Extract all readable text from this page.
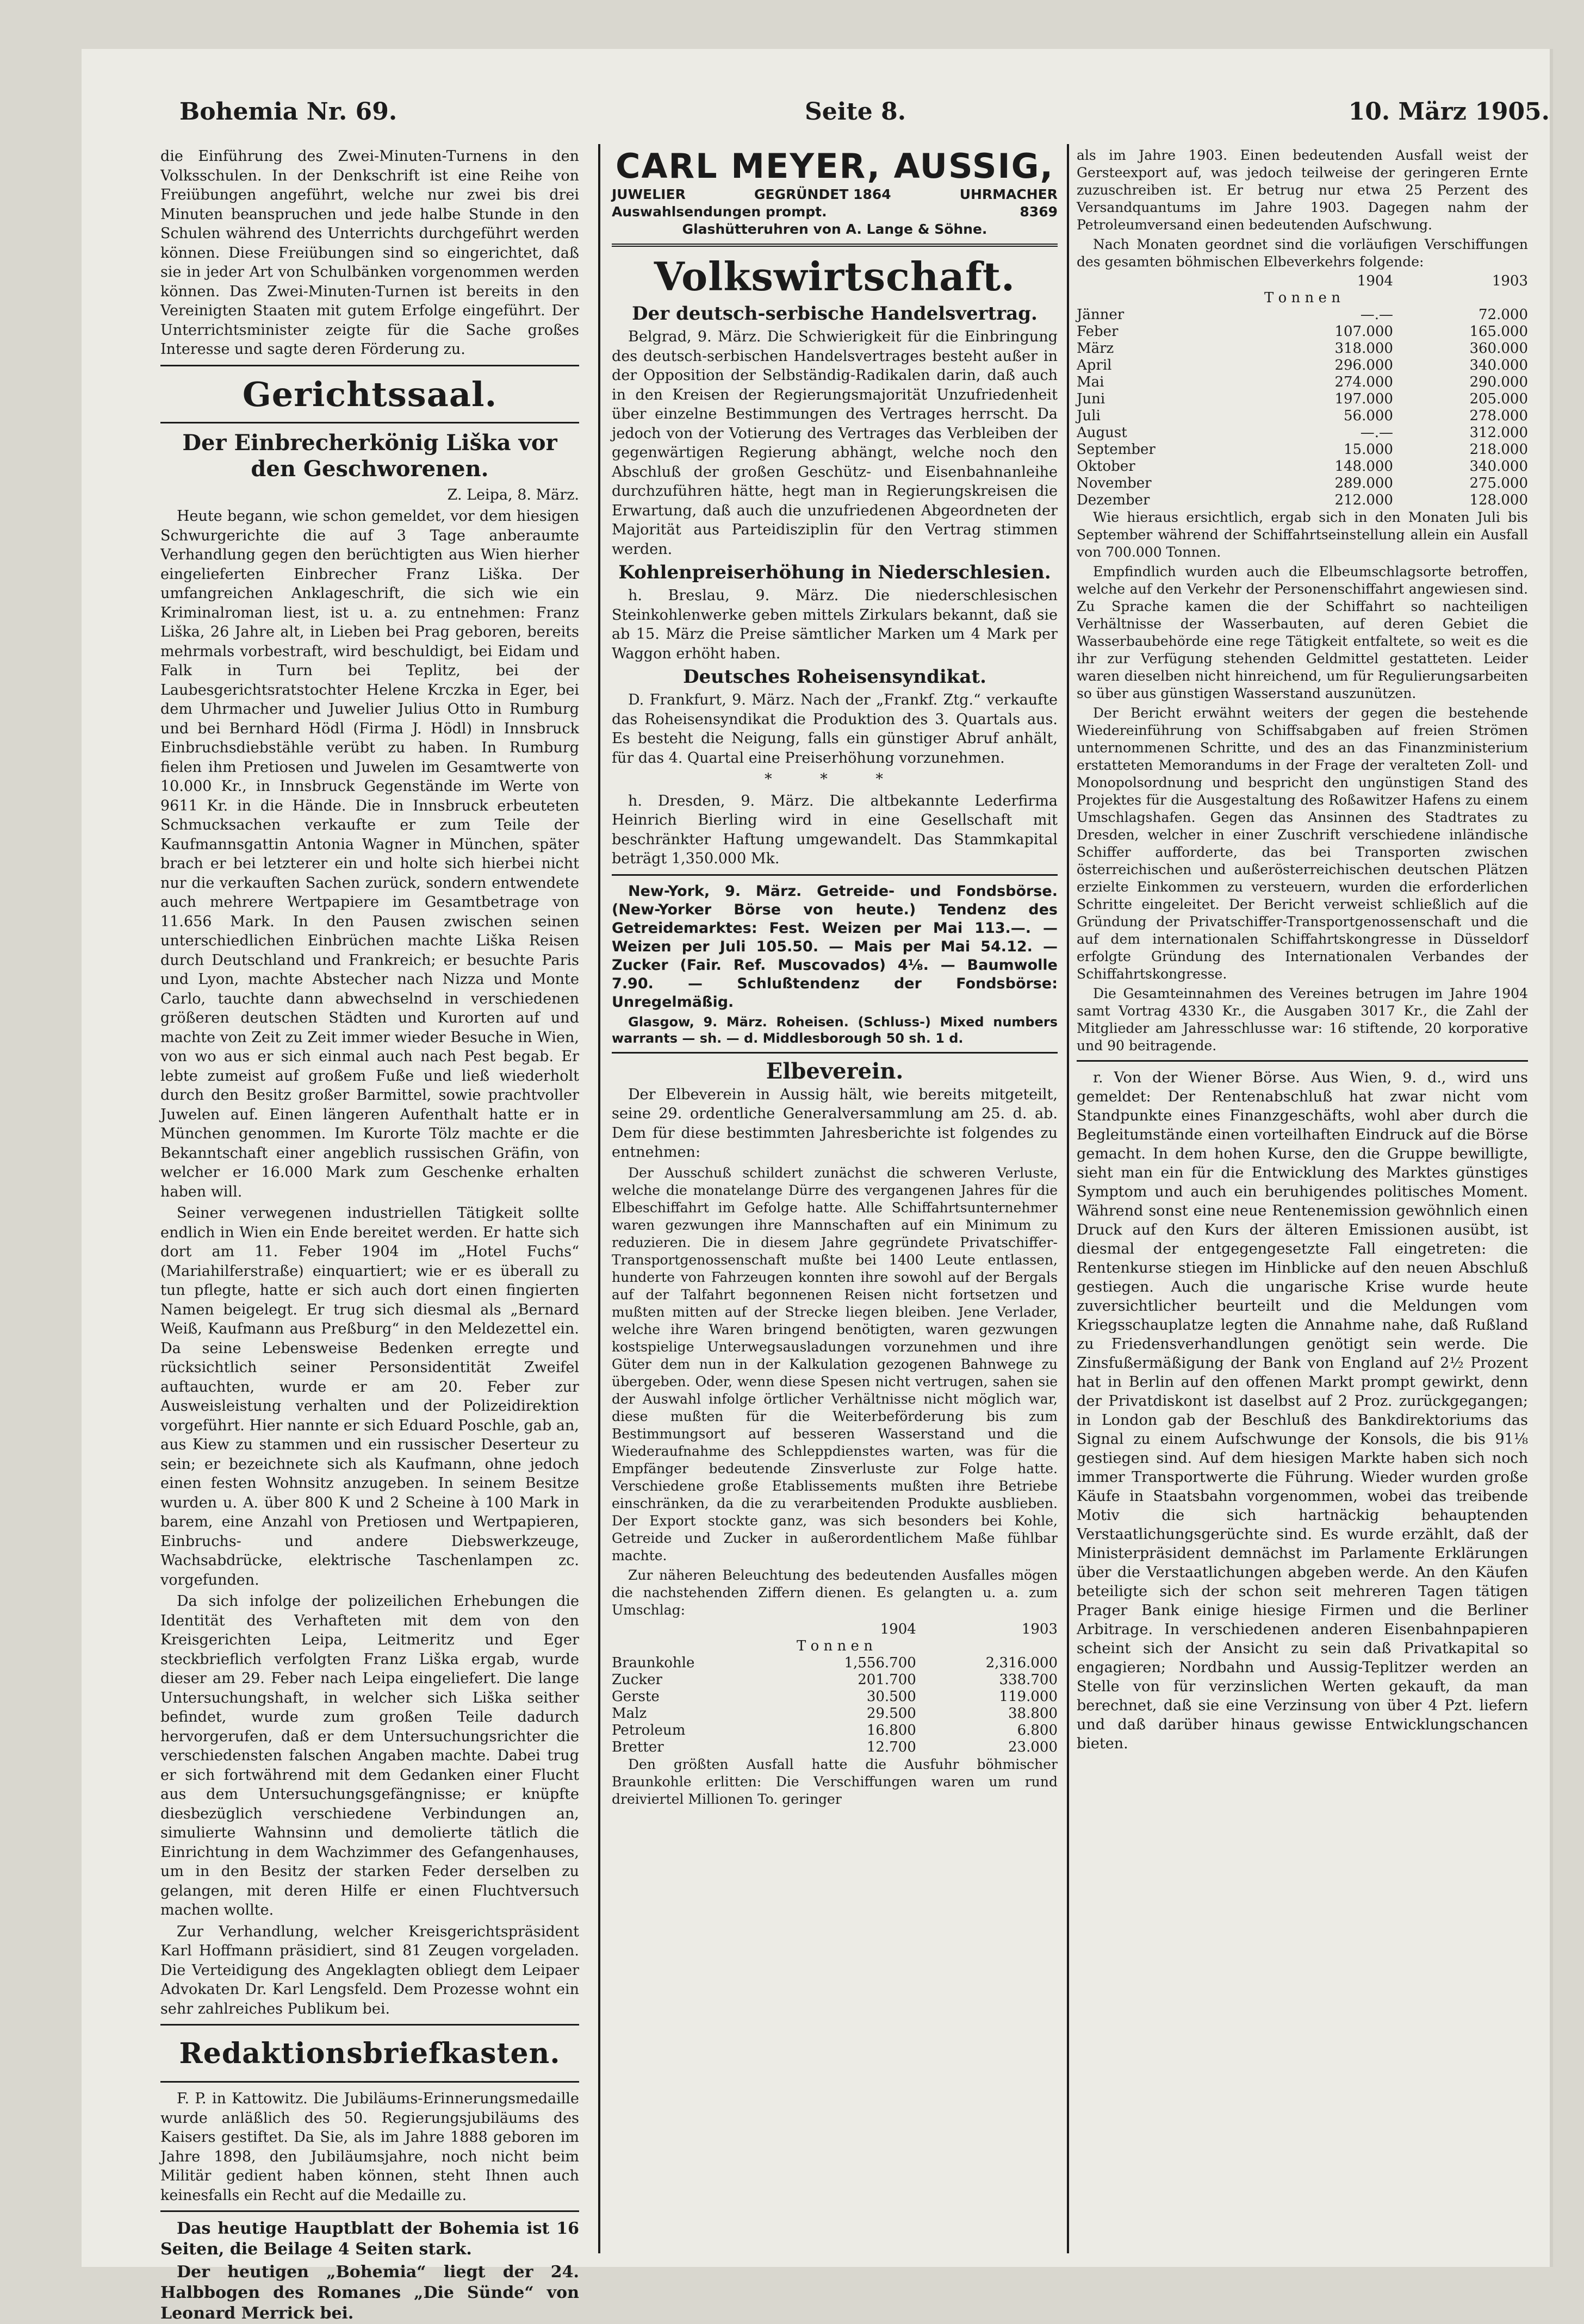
Bohemia Nr. 69.	Seite 8.	10. März 1905.

die Einführung des Zwei-Minuten-Turnens in den Volksschulen. In der Denkschrift ist eine Reihe von Freiübungen angeführt, welche nur zwei bis drei Minuten beanspruchen und jede halbe Stunde in den Schulen während des Unterrichts durchgeführt werden können. Diese Freiübungen sind so eingerichtet, daß sie in jeder Art von Schulbänken vorgenommen werden können. Das Zwei-Minuten-Turnen ist bereits in den Vereinigten Staaten mit gutem Erfolge eingeführt. Der Unterrichtsminister zeigte für die Sache großes Interesse und sagte deren Förderung zu.

Gerichtssaal.
Der Einbrecherkönig Liška vor den Geschworenen.
Z. Leipa, 8. März.

Heute begann, wie schon gemeldet, vor dem hiesigen Schwurgerichte die auf 3 Tage anberaumte Verhandlung gegen den berüchtigten aus Wien hierher eingelieferten Einbrecher Franz Liška. Der umfangreichen Anklageschrift, die sich wie ein Kriminalroman liest, ist u. a. zu entnehmen: Franz Liška, 26 Jahre alt, in Lieben bei Prag geboren, bereits mehrmals vorbestraft, wird beschuldigt, bei Eidam und Falk in Turn bei Teplitz, bei der Laubesgerichtsratstochter Helene Krczka in Eger, bei dem Uhrmacher und Juwelier Julius Otto in Rumburg und bei Bernhard Hödl (Firma J. Hödl) in Innsbruck Einbruchsdiebstähle verübt zu haben. In Rumburg fielen ihm Pretiosen und Juwelen im Gesamtwerte von 10.000 Kr., in Innsbruck Gegenstände im Werte von 9611 Kr. in die Hände. Die in Innsbruck erbeuteten Schmucksachen verkaufte er zum Teile der Kaufmannsgattin Antonia Wagner in München, später brach er bei letzterer ein und holte sich hierbei nicht nur die verkauften Sachen zurück, sondern entwendete auch mehrere Wertpapiere im Gesamtbetrage von 11.656 Mark. In den Pausen zwischen seinen unterschiedlichen Einbrüchen machte Liška Reisen durch Deutschland und Frankreich; er besuchte Paris und Lyon, machte Abstecher nach Nizza und Monte Carlo, tauchte dann abwechselnd in verschiedenen größeren deutschen Städten und Kurorten auf und machte von Zeit zu Zeit immer wieder Besuche in Wien, von wo aus er sich einmal auch nach Pest begab. Er lebte zumeist auf großem Fuße und ließ wiederholt durch den Besitz großer Barmittel, sowie prachtvoller Juwelen auf. Einen längeren Aufenthalt hatte er in München genommen. Im Kurorte Tölz machte er die Bekanntschaft einer angeblich russischen Gräfin, von welcher er 16.000 Mark zum Geschenke erhalten haben will.

Seiner verwegenen industriellen Tätigkeit sollte endlich in Wien ein Ende bereitet werden. Er hatte sich dort am 11. Feber 1904 im „Hotel Fuchs“ (Mariahilferstraße) einquartiert; wie er es überall zu tun pflegte, hatte er sich auch dort einen fingierten Namen beigelegt. Er trug sich diesmal als „Bernard Weiß, Kaufmann aus Preßburg“ in den Meldezettel ein. Da seine Lebensweise Bedenken erregte und rücksichtlich seiner Personsidentität Zweifel auftauchten, wurde er am 20. Feber zur Ausweisleistung verhalten und der Polizeidirektion vorgeführt. Hier nannte er sich Eduard Poschle, gab an, aus Kiew zu stammen und ein russischer Deserteur zu sein; er bezeichnete sich als Kaufmann, ohne jedoch einen festen Wohnsitz anzugeben. In seinem Besitze wurden u. A. über 800 K und 2 Scheine à 100 Mark in barem, eine Anzahl von Pretiosen und Wertpapieren, Einbruchs- und andere Diebswerkzeuge, Wachsabdrücke, elektrische Taschenlampen zc. vorgefunden.

Da sich infolge der polizeilichen Erhebungen die Identität des Verhafteten mit dem von den Kreisgerichten Leipa, Leitmeritz und Eger steckbrieflich verfolgten Franz Liška ergab, wurde dieser am 29. Feber nach Leipa eingeliefert. Die lange Untersuchungshaft, in welcher sich Liška seither befindet, wurde zum großen Teile dadurch hervorgerufen, daß er dem Untersuchungsrichter die verschiedensten falschen Angaben machte. Dabei trug er sich fortwährend mit dem Gedanken einer Flucht aus dem Untersuchungsgefängnisse; er knüpfte diesbezüglich verschiedene Verbindungen an, simulierte Wahnsinn und demolierte tätlich die Einrichtung in dem Wachzimmer des Gefangenhauses, um in den Besitz der starken Feder derselben zu gelangen, mit deren Hilfe er einen Fluchtversuch machen wollte.

Zur Verhandlung, welcher Kreisgerichtspräsident Karl Hoffmann präsidiert, sind 81 Zeugen vorgeladen. Die Verteidigung des Angeklagten obliegt dem Leipaer Advokaten Dr. Karl Lengsfeld. Dem Prozesse wohnt ein sehr zahlreiches Publikum bei.

Redaktionsbriefkasten.

F. P. in Kattowitz. Die Jubiläums-Erinnerungsmedaille wurde anläßlich des 50. Regierungsjubiläums des Kaisers gestiftet. Da Sie, als im Jahre 1888 geboren im Jahre 1898, den Jubiläumsjahre, noch nicht beim Militär gedient haben können, steht Ihnen auch keinesfalls ein Recht auf die Medaille zu.

Das heutige Hauptblatt der Bohemia ist 16 Seiten, die Beilage 4 Seiten stark.

Der heutigen „Bohemia“ liegt der 24. Halbbogen des Romanes „Die Sünde“ von Leonard Merrick bei.

CARL MEYER, AUSSIG,
JUWELIER	GEGRÜNDET 1864	UHRMACHER
Auswahlsendungen prompt.	8369
Glashütteruhren von A. Lange & Söhne.
Volkswirtschaft.
Der deutsch-serbische Handelsvertrag.

Belgrad, 9. März. Die Schwierigkeit für die Einbringung des deutsch-serbischen Handelsvertrages besteht außer in der Opposition der Selbständig-Radikalen darin, daß auch in den Kreisen der Regierungsmajorität Unzufriedenheit über einzelne Bestimmungen des Vertrages herrscht. Da jedoch von der Votierung des Vertrages das Verbleiben der gegenwärtigen Regierung abhängt, welche noch den Abschluß der großen Geschütz- und Eisenbahnanleihe durchzuführen hätte, hegt man in Regierungskreisen die Erwartung, daß auch die unzufriedenen Abgeordneten der Majorität aus Parteidisziplin für den Vertrag stimmen werden.

Kohlenpreiserhöhung in Niederschlesien.

h. Breslau, 9. März. Die niederschlesischen Steinkohlenwerke geben mittels Zirkulars bekannt, daß sie ab 15. März die Preise sämtlicher Marken um 4 Mark per Waggon erhöht haben.

Deutsches Roheisensyndikat.

D. Frankfurt, 9. März. Nach der „Frankf. Ztg.“ verkaufte das Roheisensyndikat die Produktion des 3. Quartals aus. Es besteht die Neigung, falls ein günstiger Abruf anhält, für das 4. Quartal eine Preiserhöhung vorzunehmen.

* * *

h. Dresden, 9. März. Die altbekannte Lederfirma Heinrich Bierling wird in eine Gesellschaft mit beschränkter Haftung umgewandelt. Das Stammkapital beträgt 1,350.000 Mk.

New-York, 9. März. Getreide- und Fondsbörse. (New-Yorker Börse von heute.) Tendenz des Getreidemarktes: Fest. Weizen per Mai 113.—. — Weizen per Juli 105.50. — Mais per Mai 54.12. — Zucker (Fair. Ref. Muscovados) 4⅛. — Baumwolle 7.90. — Schlußtendenz der Fondsbörse: Unregelmäßig.

Glasgow, 9. März. Roheisen. (Schluss-) Mixed numbers warrants — sh. — d. Middlesborough 50 sh. 1 d.

Elbeverein.

Der Elbeverein in Aussig hält, wie bereits mitgeteilt, seine 29. ordentliche Generalversammlung am 25. d. ab. Dem für diese bestimmten Jahresberichte ist folgendes zu entnehmen:

Der Ausschuß schildert zunächst die schweren Verluste, welche die monatelange Dürre des vergangenen Jahres für die Elbeschiffahrt im Gefolge hatte. Alle Schiffahrtsunternehmer waren gezwungen ihre Mannschaften auf ein Minimum zu reduzieren. Die in diesem Jahre gegründete Privatschiffer-Transportgenossenschaft mußte bei 1400 Leute entlassen, hunderte von Fahrzeugen konnten ihre sowohl auf der Bergals auf der Talfahrt begonnenen Reisen nicht fortsetzen und mußten mitten auf der Strecke liegen bleiben. Jene Verlader, welche ihre Waren bringend benötigten, waren gezwungen kostspielige Unterwegsausladungen vorzunehmen und ihre Güter dem nun in der Kalkulation gezogenen Bahnwege zu übergeben. Oder, wenn diese Spesen nicht vertrugen, sahen sie der Auswahl infolge örtlicher Verhältnisse nicht möglich war, diese mußten für die Weiterbeförderung bis zum Bestimmungsort auf besseren Wasserstand und die Wiederaufnahme des Schleppdienstes warten, was für die Empfänger bedeutende Zinsverluste zur Folge hatte. Verschiedene große Etablissements mußten ihre Betriebe einschränken, da die zu verarbeitenden Produkte ausblieben. Der Export stockte ganz, was sich besonders bei Kohle, Getreide und Zucker in außerordentlichem Maße fühlbar machte.

Zur näheren Beleuchtung des bedeutenden Ausfalles mögen die nachstehenden Ziffern dienen. Es gelangten u. a. zum Umschlag:

	1904	1903
T o n n e n		
Braunkohle	1,556.700	2,316.000
Zucker	201.700	338.700
Gerste	30.500	119.000
Malz	29.500	38.800
Petroleum	16.800	6.800
Bretter	12.700	23.000

Den größten Ausfall hatte die Ausfuhr böhmischer Braunkohle erlitten: Die Verschiffungen waren um rund dreiviertel Millionen To. geringer

als im Jahre 1903. Einen bedeutenden Ausfall weist der Gersteexport auf, was jedoch teilweise der geringeren Ernte zuzuschreiben ist. Er betrug nur etwa 25 Perzent des Versandquantums im Jahre 1903. Dagegen nahm der Petroleumversand einen bedeutenden Aufschwung.

Nach Monaten geordnet sind die vorläufigen Verschiffungen des gesamten böhmischen Elbeverkehrs folgende:

	1904	1903
T o n n e n		
Jänner	—.—	72.000
Feber	107.000	165.000
März	318.000	360.000
April	296.000	340.000
Mai	274.000	290.000
Juni	197.000	205.000
Juli	56.000	278.000
August	—.—	312.000
September	15.000	218.000
Oktober	148.000	340.000
November	289.000	275.000
Dezember	212.000	128.000

Wie hieraus ersichtlich, ergab sich in den Monaten Juli bis September während der Schiffahrtseinstellung allein ein Ausfall von 700.000 Tonnen.

Empfindlich wurden auch die Elbeumschlagsorte betroffen, welche auf den Verkehr der Personenschiffahrt angewiesen sind. Zu Sprache kamen die der Schiffahrt so nachteiligen Verhältnisse der Wasserbauten, auf deren Gebiet die Wasserbaubehörde eine rege Tätigkeit entfaltete, so weit es die ihr zur Verfügung stehenden Geldmittel gestatteten. Leider waren dieselben nicht hinreichend, um für Regulierungsarbeiten so über aus günstigen Wasserstand auszunützen.

Der Bericht erwähnt weiters der gegen die bestehende Wiedereinführung von Schiffsabgaben auf freien Strömen unternommenen Schritte, und des an das Finanzministerium erstatteten Memorandums in der Frage der veralteten Zoll- und Monopolsordnung und bespricht den ungünstigen Stand des Projektes für die Ausgestaltung des Roßawitzer Hafens zu einem Umschlagshafen. Gegen das Ansinnen des Stadtrates zu Dresden, welcher in einer Zuschrift verschiedene inländische Schiffer aufforderte, das bei Transporten zwischen österreichischen und außerösterreichischen deutschen Plätzen erzielte Einkommen zu versteuern, wurden die erforderlichen Schritte eingeleitet. Der Bericht verweist schließlich auf die Gründung der Privatschiffer-Transportgenossenschaft und die auf dem internationalen Schiffahrtskongresse in Düsseldorf erfolgte Gründung des Internationalen Verbandes der Schiffahrtskongresse.

Die Gesamteinnahmen des Vereines betrugen im Jahre 1904 samt Vortrag 4330 Kr., die Ausgaben 3017 Kr., die Zahl der Mitglieder am Jahresschlusse war: 16 stiftende, 20 korporative und 90 beitragende.

r. Von der Wiener Börse. Aus Wien, 9. d., wird uns gemeldet: Der Rentenabschluß hat zwar nicht vom Standpunkte eines Finanzgeschäfts, wohl aber durch die Begleitumstände einen vorteilhaften Eindruck auf die Börse gemacht. In dem hohen Kurse, den die Gruppe bewilligte, sieht man ein für die Entwicklung des Marktes günstiges Symptom und auch ein beruhigendes politisches Moment. Während sonst eine neue Rentenemission gewöhnlich einen Druck auf den Kurs der älteren Emissionen ausübt, ist diesmal der entgegengesetzte Fall eingetreten: die Rentenkurse stiegen im Hinblicke auf den neuen Abschluß gestiegen. Auch die ungarische Krise wurde heute zuversichtlicher beurteilt und die Meldungen vom Kriegsschauplatze legten die Annahme nahe, daß Rußland zu Friedensverhandlungen genötigt sein werde. Die Zinsfußermäßigung der Bank von England auf 2½ Prozent hat in Berlin auf den offenen Markt prompt gewirkt, denn der Privatdiskont ist daselbst auf 2 Proz. zurückgegangen; in London gab der Beschluß des Bankdirektoriums das Signal zu einem Aufschwunge der Konsols, die bis 91⅛ gestiegen sind. Auf dem hiesigen Markte haben sich noch immer Transportwerte die Führung. Wieder wurden große Käufe in Staatsbahn vorgenommen, wobei das treibende Motiv die sich hartnäckig behauptenden Verstaatlichungsgerüchte sind. Es wurde erzählt, daß der Ministerpräsident demnächst im Parlamente Erklärungen über die Verstaatlichungen abgeben werde. An den Käufen beteiligte sich der schon seit mehreren Tagen tätigen Prager Bank einige hiesige Firmen und die Berliner Arbitrage. In verschiedenen anderen Eisenbahnpapieren scheint sich der Ansicht zu sein daß Privatkapital so engagieren; Nordbahn und Aussig-Teplitzer werden an Stelle von für verzinslichen Werten gekauft, da man berechnet, daß sie eine Verzinsung von über 4 Pzt. liefern und daß darüber hinaus gewisse Entwicklungschancen bieten.
